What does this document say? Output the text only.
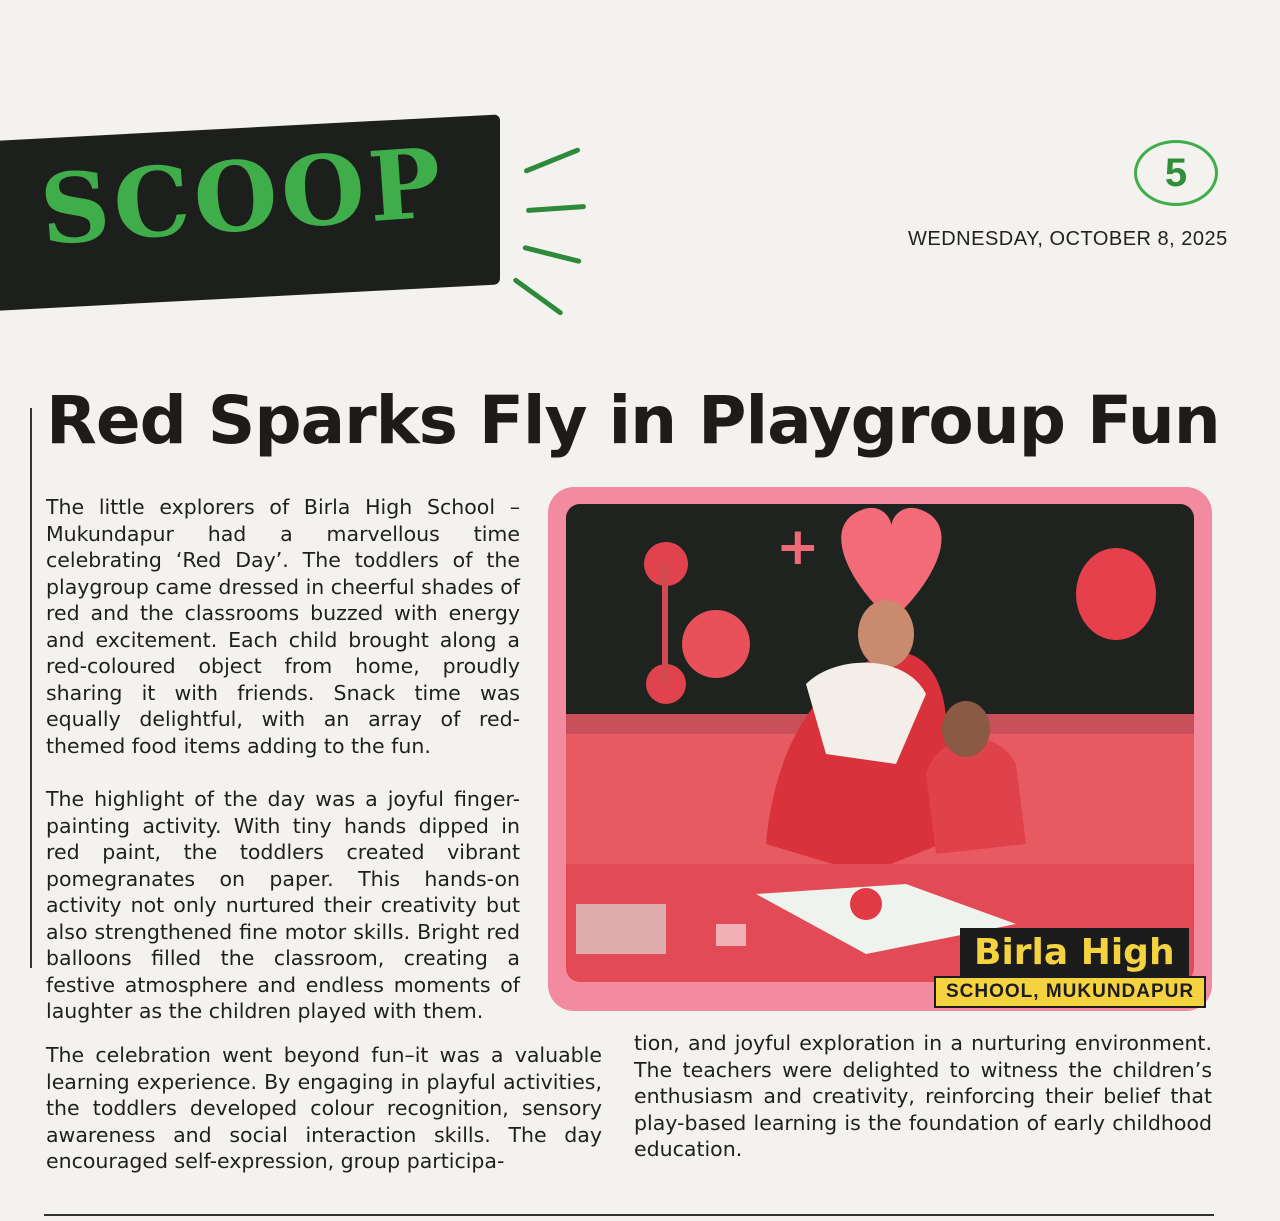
SCOOP	5
WEDNESDAY, OCTOBER 8, 2025
Red Sparks Fly in Playgroup Fun

The little explorers of Birla High School – Mukundapur had a marvellous time celebrating ‘Red Day’. The toddlers of the playgroup came dressed in cheerful shades of red and the classrooms buzzed with energy and excitement. Each child brought along a red-coloured object from home, proudly sharing it with friends. Snack time was equally delightful, with an array of red-themed food items adding to the fun.

The highlight of the day was a joyful finger-painting activity. With tiny hands dipped in red paint, the toddlers created vibrant pomegranates on paper. This hands-on activity not only nurtured their creativity but also strengthened fine motor skills. Bright red balloons filled the classroom, creating a festive atmosphere and endless moments of laughter as the children played with them.

The celebration went beyond fun–it was a valuable learning experience. By engaging in playful activities, the toddlers developed colour recognition, sensory awareness and social interaction skills. The day encouraged self-expression, group participa-

tion, and joyful exploration in a nurturing environment. The teachers were delighted to witness the children’s enthusiasm and creativity, reinforcing their belief that play-based learning is the foundation of early childhood education.

+
Birla High
SCHOOL, MUKUNDAPUR
